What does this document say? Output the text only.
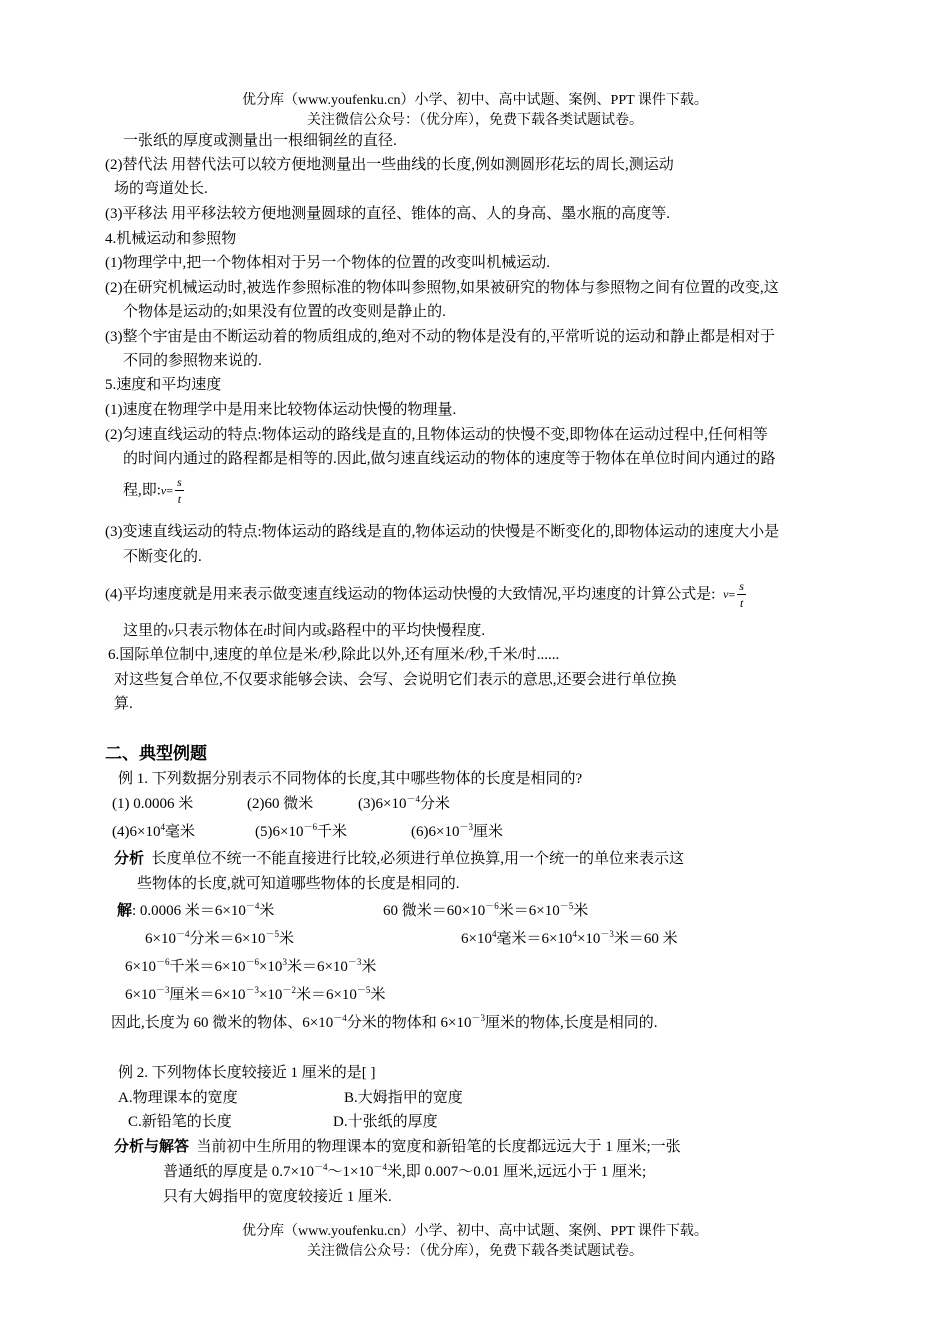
优分库（www.youfenku.cn）小学、初中、高中试题、案例、PPT 课件下载。
关注微信公众号：（优分库），免费下载各类试题试卷。
一张纸的厚度或测量出一根细铜丝的直径.
(2)替代法 用替代法可以较方便地测量出一些曲线的长度,例如测圆形花坛的周长,测运动
场的弯道处长.
(3)平移法 用平移法较方便地测量圆球的直径、锥体的高、人的身高、墨水瓶的高度等.
4.机械运动和参照物
(1)物理学中,把一个物体相对于另一个物体的位置的改变叫机械运动.
(2)在研究机械运动时,被选作参照标准的物体叫参照物,如果被研究的物体与参照物之间有位置的改变,这
个物体是运动的;如果没有位置的改变则是静止的.
(3)整个宇宙是由不断运动着的物质组成的,绝对不动的物体是没有的,平常听说的运动和静止都是相对于
不同的参照物来说的.
5.速度和平均速度
(1)速度在物理学中是用来比较物体运动快慢的物理量.
(2)匀速直线运动的特点:物体运动的路线是直的,且物体运动的快慢不变,即物体在运动过程中,任何相等
的时间内通过的路程都是相等的.因此,做匀速直线运动的物体的速度等于物体在单位时间内通过的路
程,即:v= $\frac{s}{t}$
(3)变速直线运动的特点:物体运动的路线是直的,物体运动的快慢是不断变化的,即物体运动的速度大小是
不断变化的.
(4)平均速度就是用来表示做变速直线运动的物体运动快慢的大致情况,平均速度的计算公式是: $v= \frac{s}{t}$
这里的v只表示物体在t时间内或s路程中的平均快慢程度.
6.国际单位制中,速度的单位是米/秒,除此以外,还有厘米/秒,千米/时......
对这些复合单位,不仅要求能够会读、会写、会说明它们表示的意思,还要会进行单位换
算.
二、典型例题
例 1. 下列数据分别表示不同物体的长度,其中哪些物体的长度是相同的?
(1) 0.0006 米	(2)60 微米	$(3)6\times 10^{-4}$分米
$(4)6\times 10^4$毫米	$(5)6\times 10^{-6}$千米	$(6)6\times 10^{-3}$厘米
分析 长度单位不统一不能直接进行比较,必须进行单位换算,用一个统一的单位来表示这
些物体的长度,就可知道哪些物体的长度是相同的.
解: 0.0006 米$=6\times 10^{-4}$米	60 微米$=60\times 10^{-6}$米$=6\times 10^{-5}$米
$6\times 10^{-4}$分米$=6\times 10^{-5}$米	$6\times 10^4$毫米$=6\times 10^4\times 10^{-3}$米＝60 米
$6\times 10^{-6}$千米$=6\times 10^{-6}\times 10^3$米$=6\times 10^{-3}$米
$6\times 10^{-3}$厘米$=6\times 10^{-3}\times 10^{-2}$米$=6\times 10^{-5}$米
因此,长度为 60 微米的物体、$6\times 10^{-4}$分米的物体和 $6\times 10^{-3}$厘米的物体,长度是相同的.
例 2. 下列物体长度较接近 1 厘米的是[ ]
A.物理课本的宽度	B.大姆指甲的宽度
C.新铅笔的长度	D.十张纸的厚度
分析与解答 当前初中生所用的物理课本的宽度和新铅笔的长度都远远大于 1 厘米;一张
普通纸的厚度是 $0.7\times 10^{-4}\sim 1\times 10^{-4}$米,即 0.007～0.01 厘米,远远小于 1 厘米;
只有大姆指甲的宽度较接近 1 厘米.
优分库（www.youfenku.cn）小学、初中、高中试题、案例、PPT 课件下载。
关注微信公众号：（优分库），免费下载各类试题试卷。
